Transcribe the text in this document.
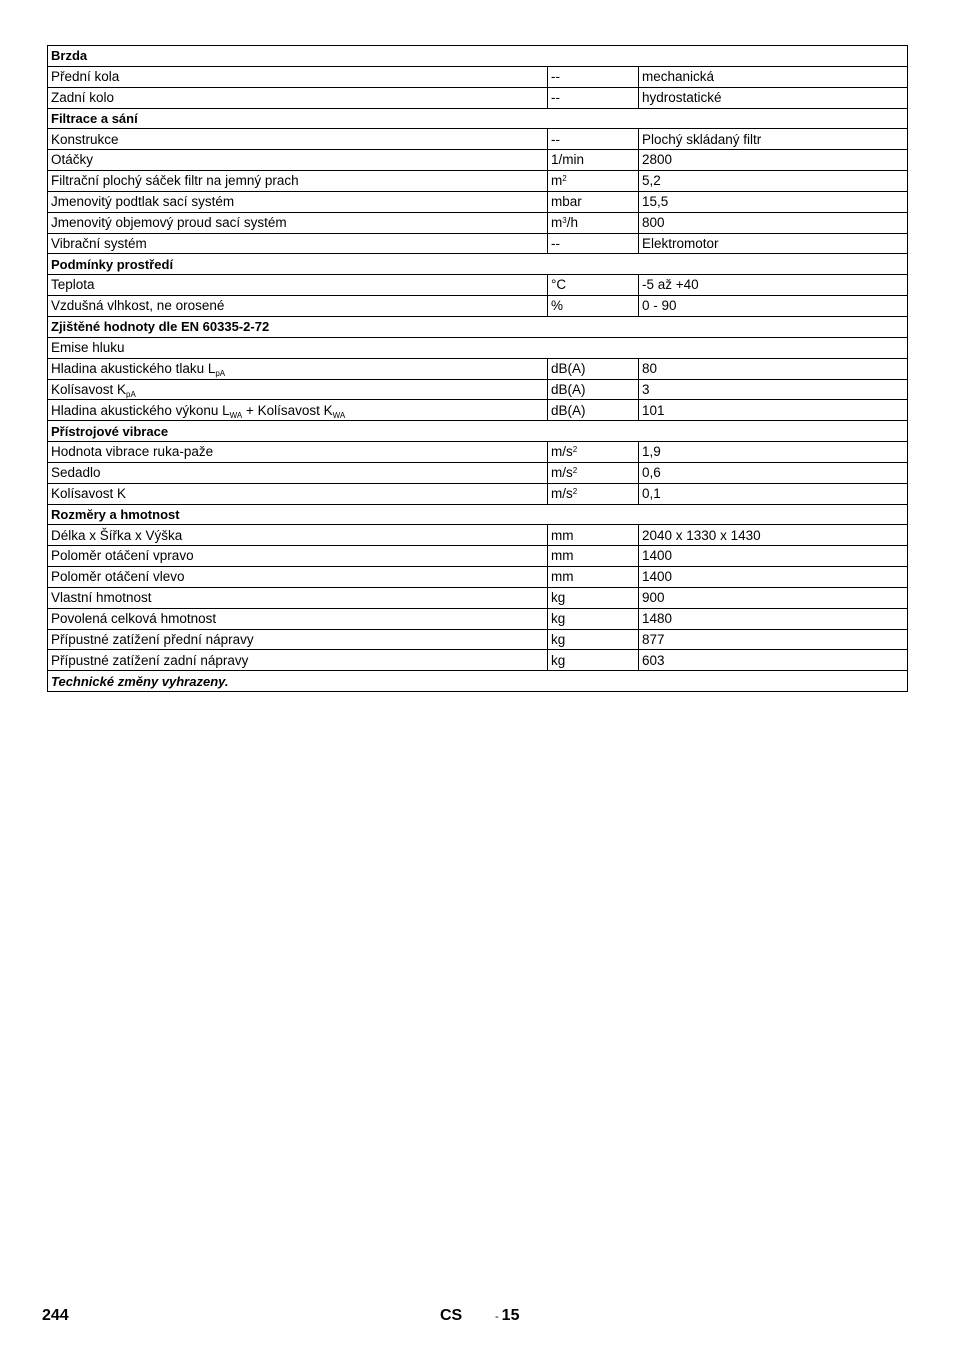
Brzda		
Přední kola	--	mechanická
Zadní kolo	--	hydrostatické
Filtrace a sání		
Konstrukce	--	Plochý skládaný filtr
Otáčky	1/min	2800
Filtrační plochý sáček filtr na jemný prach	$m^2$	5,2
Jmenovitý podtlak sací systém	mbar	15,5
Jmenovitý objemový proud sací systém	$m^3/h$	800
Vibrační systém	--	Elektromotor
Podmínky prostředí		
Teplota	°C	-5 až +40
Vzdušná vlhkost, ne orosené	%	0 - 90
Zjištěné hodnoty dle EN 60335-2-72		
Emise hluku		
Hladina akustického tlaku $L_{pA}$	dB(A)	80
Kolísavost $K_{pA}$	dB(A)	3
Hladina akustického výkonu $L_{WA}$ + Kolísavost $K_{WA}$	dB(A)	101
Přístrojové vibrace		
Hodnota vibrace ruka-paže	$m/s^2$	1,9
Sedadlo	$m/s^2$	0,6
Kolísavost K	$m/s^2$	0,1
Rozměry a hmotnost		
Délka x Šířka x Výška	mm	2040 x 1330 x 1430
Poloměr otáčení vpravo	mm	1400
Poloměr otáčení vlevo	mm	1400
Vlastní hmotnost	kg	900
Povolená celková hmotnost	kg	1480
Přípustné zatížení přední nápravy	kg	877
Přípustné zatížení zadní nápravy	kg	603
Technické změny vyhrazeny.		
244	CS	- 15
